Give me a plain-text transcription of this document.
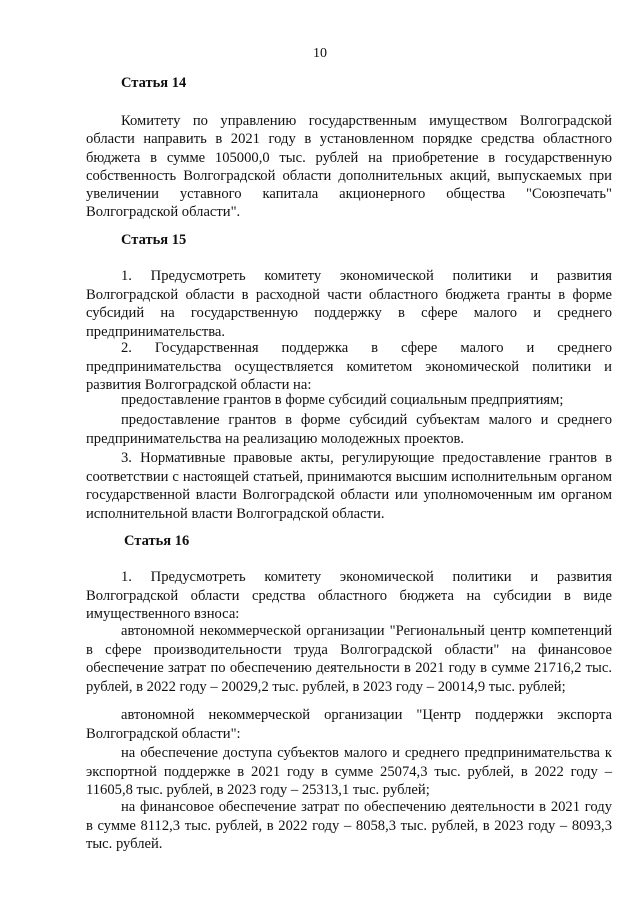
10
Статья 14
Комитету по управлению государственным имуществом Волгоградской области направить в 2021 году в установленном порядке средства областного бюджета в сумме 105000,0 тыс. рублей на приобретение в государственную собственность Волгоградской области дополнительных акций, выпускаемых при увеличении уставного капитала акционерного общества "Союзпечать" Волгоградской области".
Статья 15
1. Предусмотреть комитету экономической политики и развития Волгоградской области в расходной части областного бюджета гранты в форме субсидий на государственную поддержку в сфере малого и среднего предпринимательства.
2. Государственная поддержка в сфере малого и среднего предпринимательства осуществляется комитетом экономической политики и развития Волгоградской области на:
предоставление грантов в форме субсидий социальным предприятиям;
предоставление грантов в форме субсидий субъектам малого и среднего предпринимательства на реализацию молодежных проектов.
3. Нормативные правовые акты, регулирующие предоставление грантов в соответствии с настоящей статьей, принимаются высшим исполнительным органом государственной власти Волгоградской области или уполномоченным им органом исполнительной власти Волгоградской области.
Статья 16
1. Предусмотреть комитету экономической политики и развития Волгоградской области средства областного бюджета на субсидии в виде имущественного взноса:
автономной некоммерческой организации "Региональный центр компетенций в сфере производительности труда Волгоградской области" на финансовое обеспечение затрат по обеспечению деятельности в 2021 году в сумме 21716,2 тыс. рублей, в 2022 году – 20029,2 тыс. рублей, в 2023 году – 20014,9 тыс. рублей;
автономной некоммерческой организации "Центр поддержки экспорта Волгоградской области":
на обеспечение доступа субъектов малого и среднего предпринимательства к экспортной поддержке в 2021 году в сумме 25074,3 тыс. рублей, в 2022 году – 11605,8 тыс. рублей, в 2023 году – 25313,1 тыс. рублей;
на финансовое обеспечение затрат по обеспечению деятельности в 2021 году в сумме 8112,3 тыс. рублей, в 2022 году – 8058,3 тыс. рублей, в 2023 году – 8093,3 тыс. рублей.
